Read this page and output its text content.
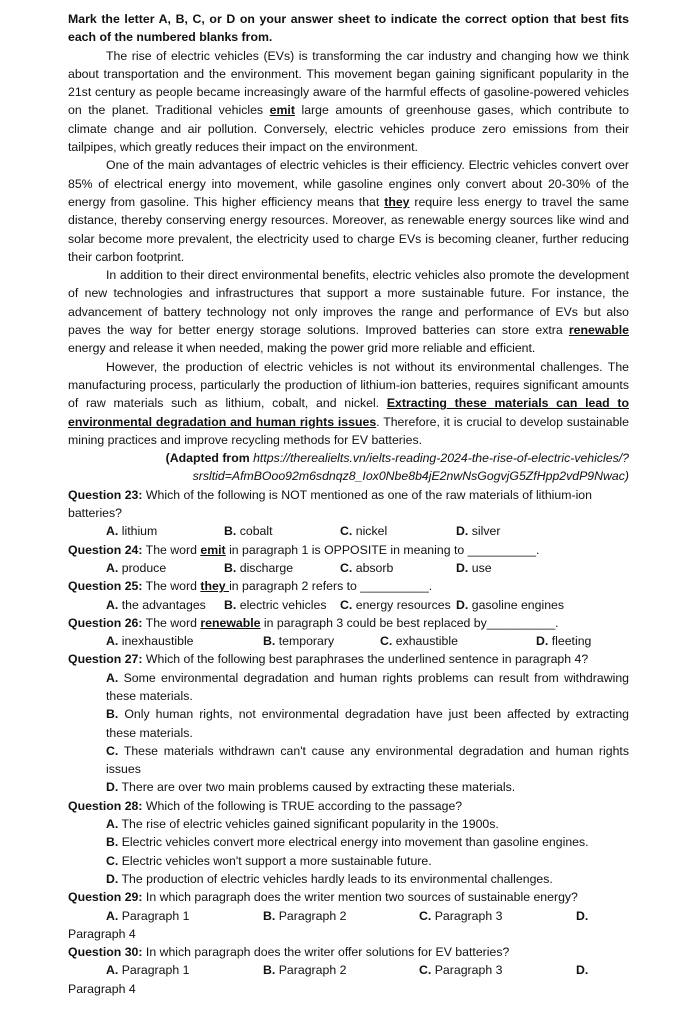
Mark the letter A, B, C, or D on your answer sheet to indicate the correct option that best fits each of the numbered blanks from.

The rise of electric vehicles (EVs) is transforming the car industry and changing how we think about transportation and the environment. This movement began gaining significant popularity in the 21st century as people became increasingly aware of the harmful effects of gasoline-powered vehicles on the planet. Traditional vehicles emit large amounts of greenhouse gases, which contribute to climate change and air pollution. Conversely, electric vehicles produce zero emissions from their tailpipes, which greatly reduces their impact on the environment.

One of the main advantages of electric vehicles is their efficiency. Electric vehicles convert over 85% of electrical energy into movement, while gasoline engines only convert about 20-30% of the energy from gasoline. This higher efficiency means that they require less energy to travel the same distance, thereby conserving energy resources. Moreover, as renewable energy sources like wind and solar become more prevalent, the electricity used to charge EVs is becoming cleaner, further reducing their carbon footprint.

In addition to their direct environmental benefits, electric vehicles also promote the development of new technologies and infrastructures that support a more sustainable future. For instance, the advancement of battery technology not only improves the range and performance of EVs but also paves the way for better energy storage solutions. Improved batteries can store extra renewable energy and release it when needed, making the power grid more reliable and efficient.

However, the production of electric vehicles is not without its environmental challenges. The manufacturing process, particularly the production of lithium-ion batteries, requires significant amounts of raw materials such as lithium, cobalt, and nickel. Extracting these materials can lead to environmental degradation and human rights issues. Therefore, it is crucial to develop sustainable mining practices and improve recycling methods for EV batteries.

(Adapted from https://therealielts.vn/ielts-reading-2024-the-rise-of-electric-vehicles/?srsltid=AfmBOoo92m6sdnqz8_Iox0Nbe8b4jE2nwNsGogvjG5ZfHpp2vdP9Nwac)

Question 23: Which of the following is NOT mentioned as one of the raw materials of lithium-ion batteries?

A. lithium	B. cobalt	C. nickel	D. silver

Question 24: The word emit in paragraph 1 is OPPOSITE in meaning to __________.

A. produce	B. discharge	C. absorb	D. use

Question 25: The word they in paragraph 2 refers to __________.

A. the advantages B. electric vehicles C. energy resources D. gasoline engines

Question 26: The word renewable in paragraph 3 could be best replaced by__________.

A. inexhaustible	B. temporary	C. exhaustible	D. fleeting

Question 27: Which of the following best paraphrases the underlined sentence in paragraph 4?

A. Some environmental degradation and human rights problems can result from withdrawing these materials.

B. Only human rights, not environmental degradation have just been affected by extracting these materials.

C. These materials withdrawn can't cause any environmental degradation and human rights issues

D. There are over two main problems caused by extracting these materials.

Question 28: Which of the following is TRUE according to the passage?

A. The rise of electric vehicles gained significant popularity in the 1900s.

B. Electric vehicles convert more electrical energy into movement than gasoline engines.

C. Electric vehicles won't support a more sustainable future.

D. The production of electric vehicles hardly leads to its environmental challenges.

Question 29: In which paragraph does the writer mention two sources of sustainable energy?

A. Paragraph 1	B. Paragraph 2	C. Paragraph 3	D.

Paragraph 4

Question 30: In which paragraph does the writer offer solutions for EV batteries?

A. Paragraph 1	B. Paragraph 2	C. Paragraph 3	D.

Paragraph 4
